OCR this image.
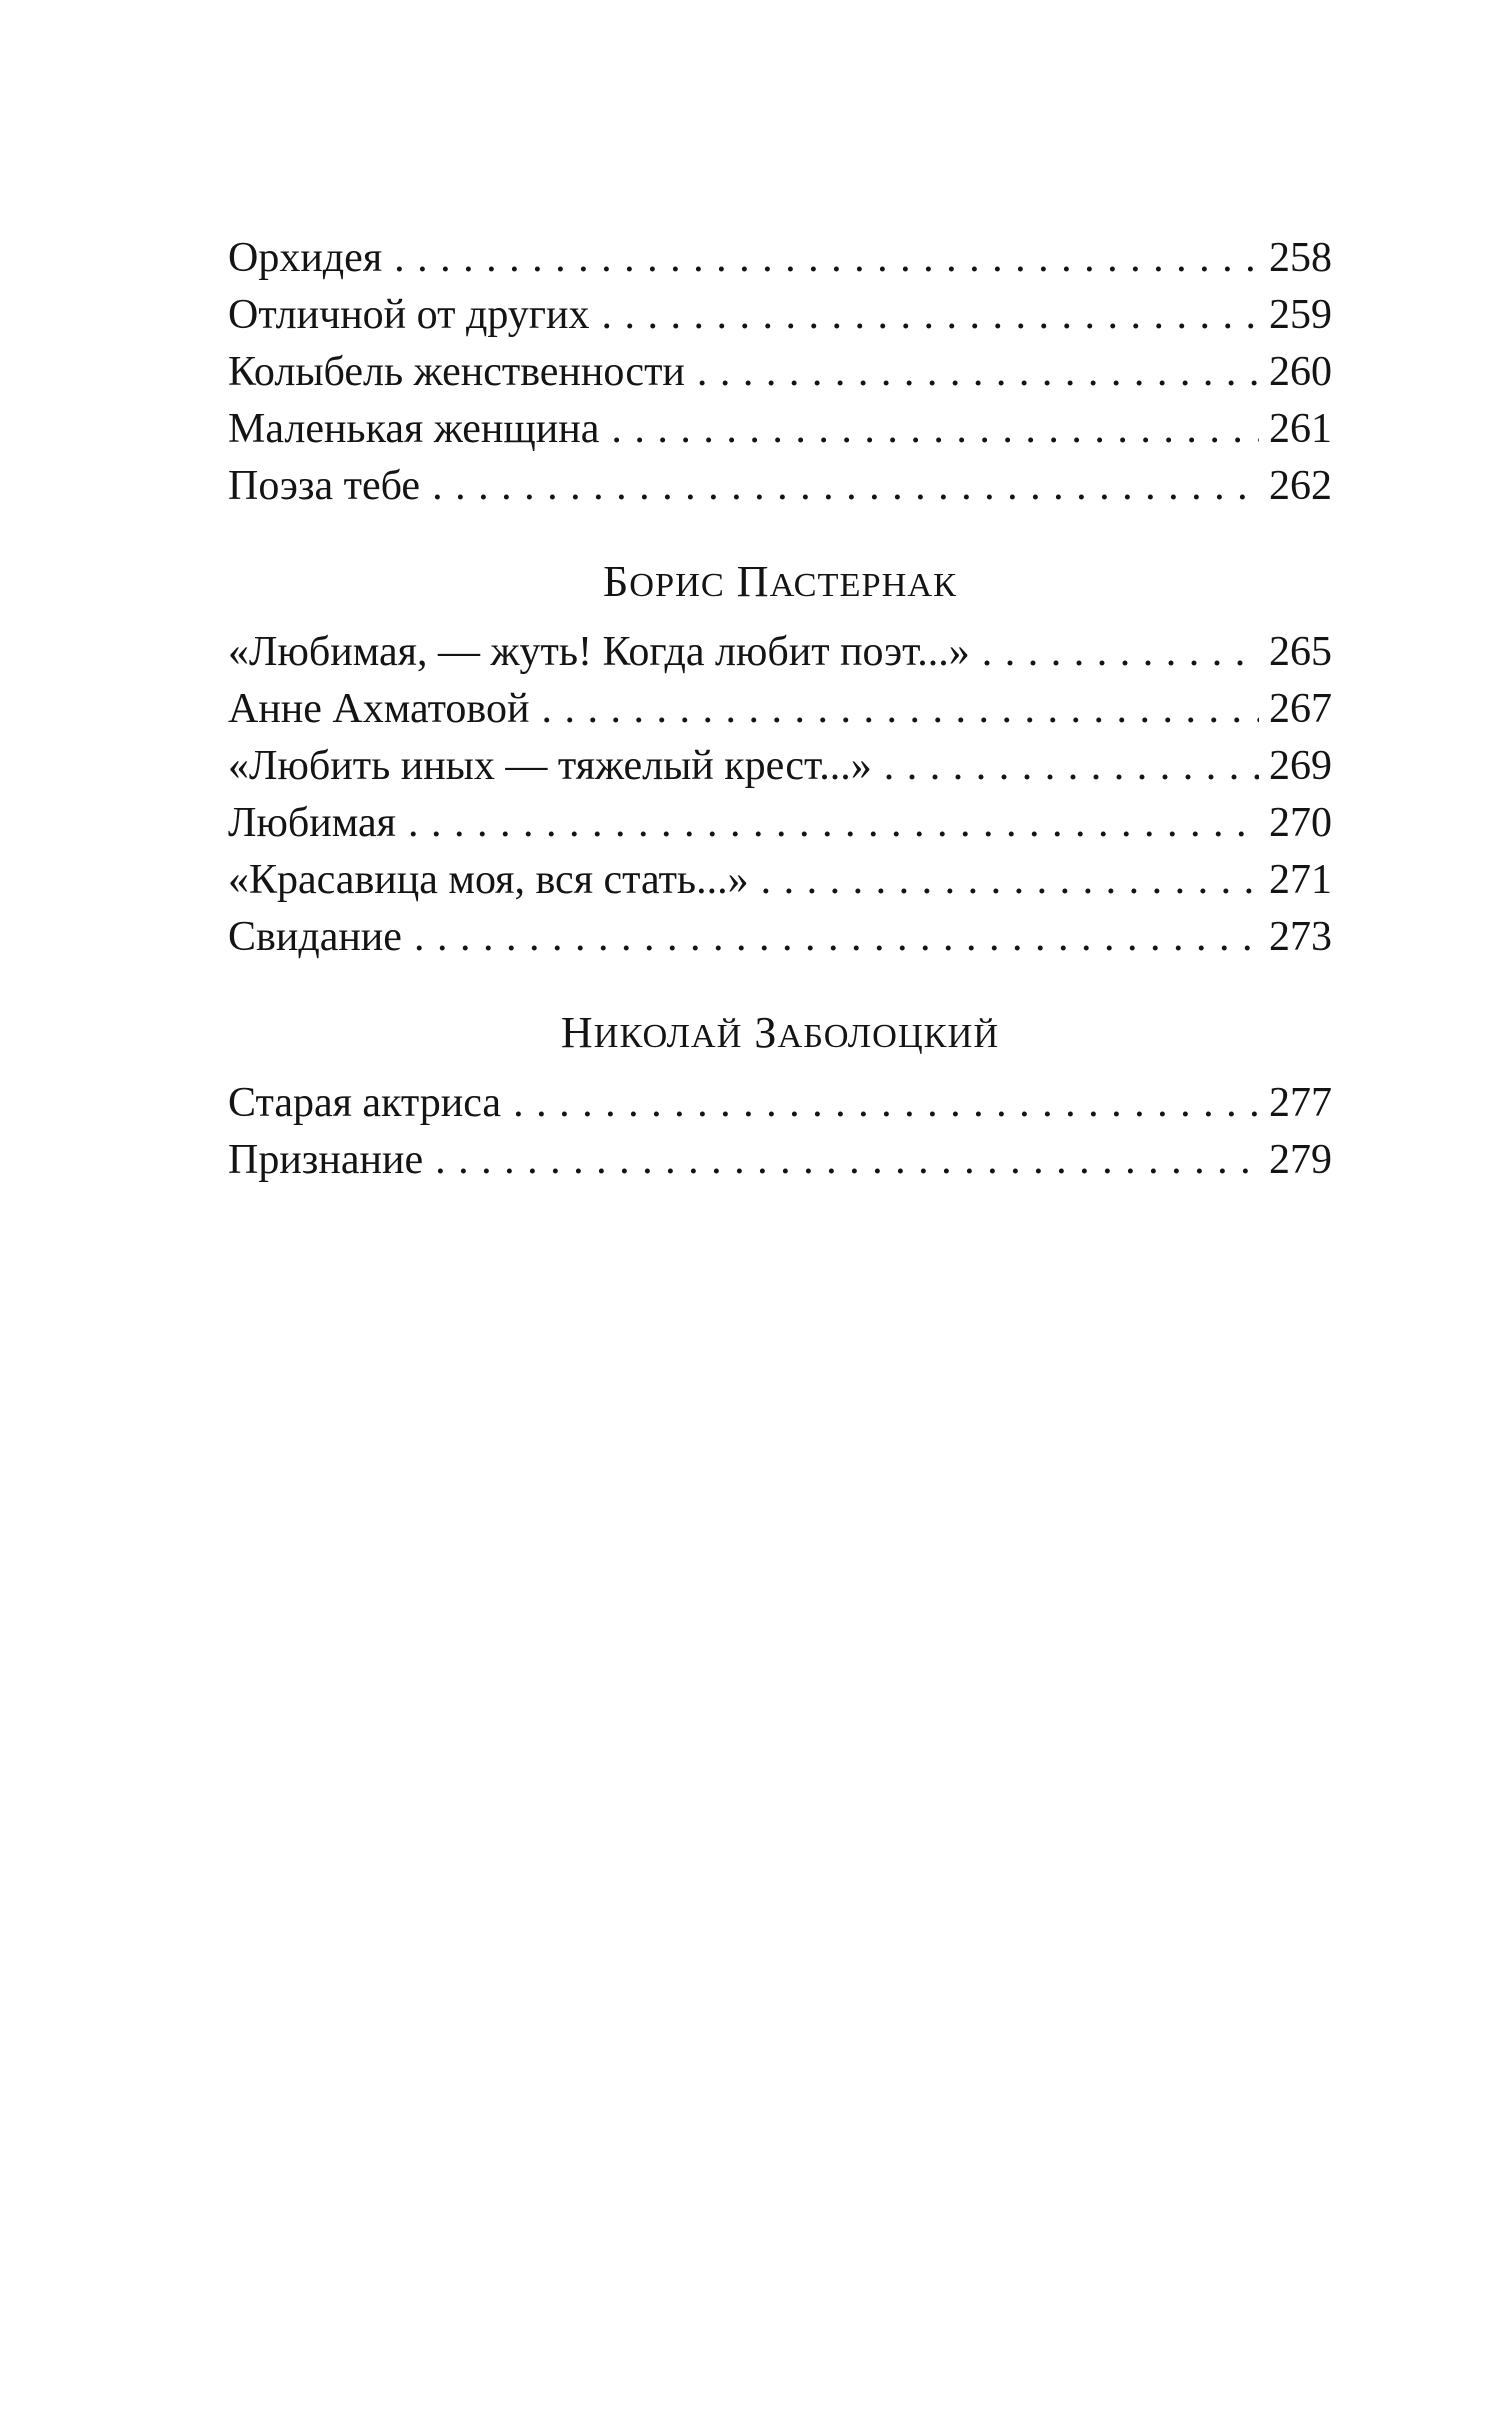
Орхидея . . .	258
Отличной от других . . .	259
Колыбель женственности . . .	260
Маленькая женщина . . .	261
Поэза тебе . . .	262
БОРИС ПАСТЕРНАК
«Любимая, — жуть! Когда любит поэт...» . . .	265
Анне Ахматовой . . .	267
«Любить иных — тяжелый крест...» . . .	269
Любимая . . .	270
«Красавица моя, вся стать...» . . .	271
Свидание . . .	273
НИКОЛАЙ ЗАБОЛОЦКИЙ
Старая актриса . . .	277
Признание . . .	279
